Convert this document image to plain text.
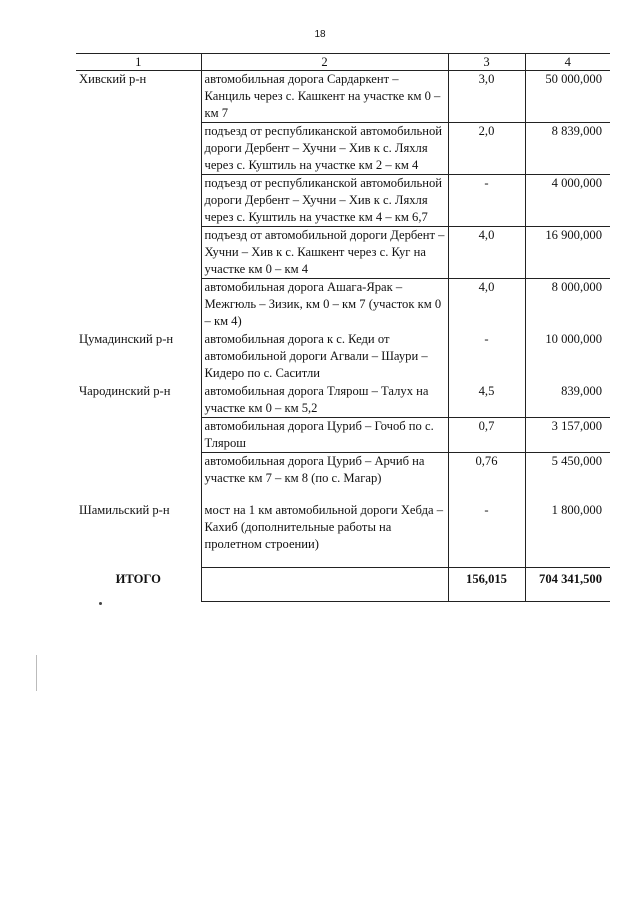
18
1	2	3	4
Хивский р-н	автомобильная дорога Сардаркент – Канциль через с. Кашкент на участке км 0 – км 7	3,0	50 000,000
	подъезд от республиканской автомобильной дороги Дербент – Хучни – Хив к с. Ляхля через с. Куштиль на участке км 2 – км 4	2,0	8 839,000
	подъезд от республиканской автомобильной дороги Дербент – Хучни – Хив к с. Ляхля через с. Куштиль на участке км 4 – км 6,7	-	4 000,000
	подъезд от автомобильной дороги Дербент – Хучни – Хив к с. Кашкент через с. Куг на участке км 0 – км 4	4,0	16 900,000
	автомобильная дорога Ашага-Ярак – Межгюль – Зизик, км 0 – км 7 (участок км 0 – км 4)	4,0	8 000,000
Цумадинский р-н	автомобильная дорога к с. Кеди от автомобильной дороги Агвали – Шаури – Кидеро по с. Саситли	-	10 000,000
Чародинский р-н	автомобильная дорога Тлярош – Талух на участке км 0 – км 5,2	4,5	839,000
	автомобильная дорога Цуриб – Гочоб по с. Тлярош	0,7	3 157,000
	автомобильная дорога Цуриб – Арчиб на участке км 7 – км 8 (по с. Магар)	0,76	5 450,000

Шамильский р-н	мост на 1 км автомобильной дороги Хебда – Кахиб (дополнительные работы на пролетном строении)	-	1 800,000

ИТОГО		156,015	704 341,500
